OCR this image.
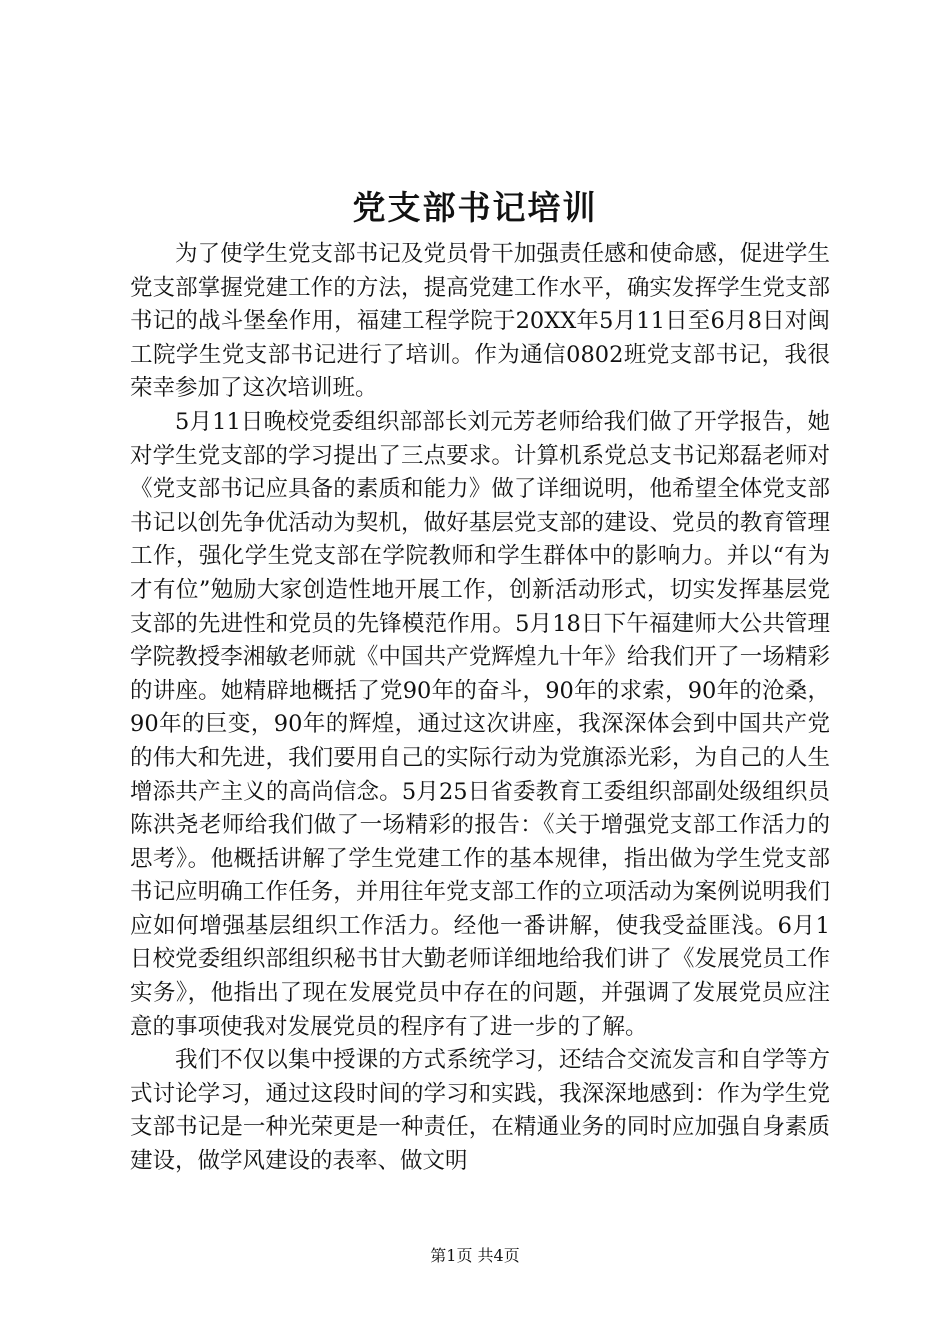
党支部书记培训

为了使学生党支部书记及党员骨干加强责任感和使命感，促进学生党支部掌握党建工作的方法，提高党建工作水平，确实发挥学生党支部书记的战斗堡垒作用，福建工程学院于20XX年5月11日至6月8日对闽工院学生党支部书记进行了培训。作为通信0802班党支部书记，我很荣幸参加了这次培训班。

5月11日晚校党委组织部部长刘元芳老师给我们做了开学报告，她对学生党支部的学习提出了三点要求。计算机系党总支书记郑磊老师对《党支部书记应具备的素质和能力》做了详细说明，他希望全体党支部书记以创先争优活动为契机，做好基层党支部的建设、党员的教育管理工作，强化学生党支部在学院教师和学生群体中的影响力。并以“有为才有位”勉励大家创造性地开展工作，创新活动形式，切实发挥基层党支部的先进性和党员的先锋模范作用。5月18日下午福建师大公共管理学院教授李湘敏老师就《中国共产党辉煌九十年》给我们开了一场精彩的讲座。她精辟地概括了党90年的奋斗，90年的求索，90年的沧桑，90年的巨变，90年的辉煌，通过这次讲座，我深深体会到中国共产党的伟大和先进，我们要用自己的实际行动为党旗添光彩，为自己的人生增添共产主义的高尚信念。5月25日省委教育工委组织部副处级组织员陈洪尧老师给我们做了一场精彩的报告：《关于增强党支部工作活力的思考》。他概括讲解了学生党建工作的基本规律，指出做为学生党支部书记应明确工作任务，并用往年党支部工作的立项活动为案例说明我们应如何增强基层组织工作活力。经他一番讲解，使我受益匪浅。6月1日校党委组织部组织秘书甘大勤老师详细地给我们讲了《发展党员工作实务》，他指出了现在发展党员中存在的问题，并强调了发展党员应注意的事项使我对发展党员的程序有了进一步的了解。

我们不仅以集中授课的方式系统学习，还结合交流发言和自学等方式讨论学习，通过这段时间的学习和实践，我深深地感到：作为学生党支部书记是一种光荣更是一种责任，在精通业务的同时应加强自身素质建设，做学风建设的表率、做文明

第1页 共4页
